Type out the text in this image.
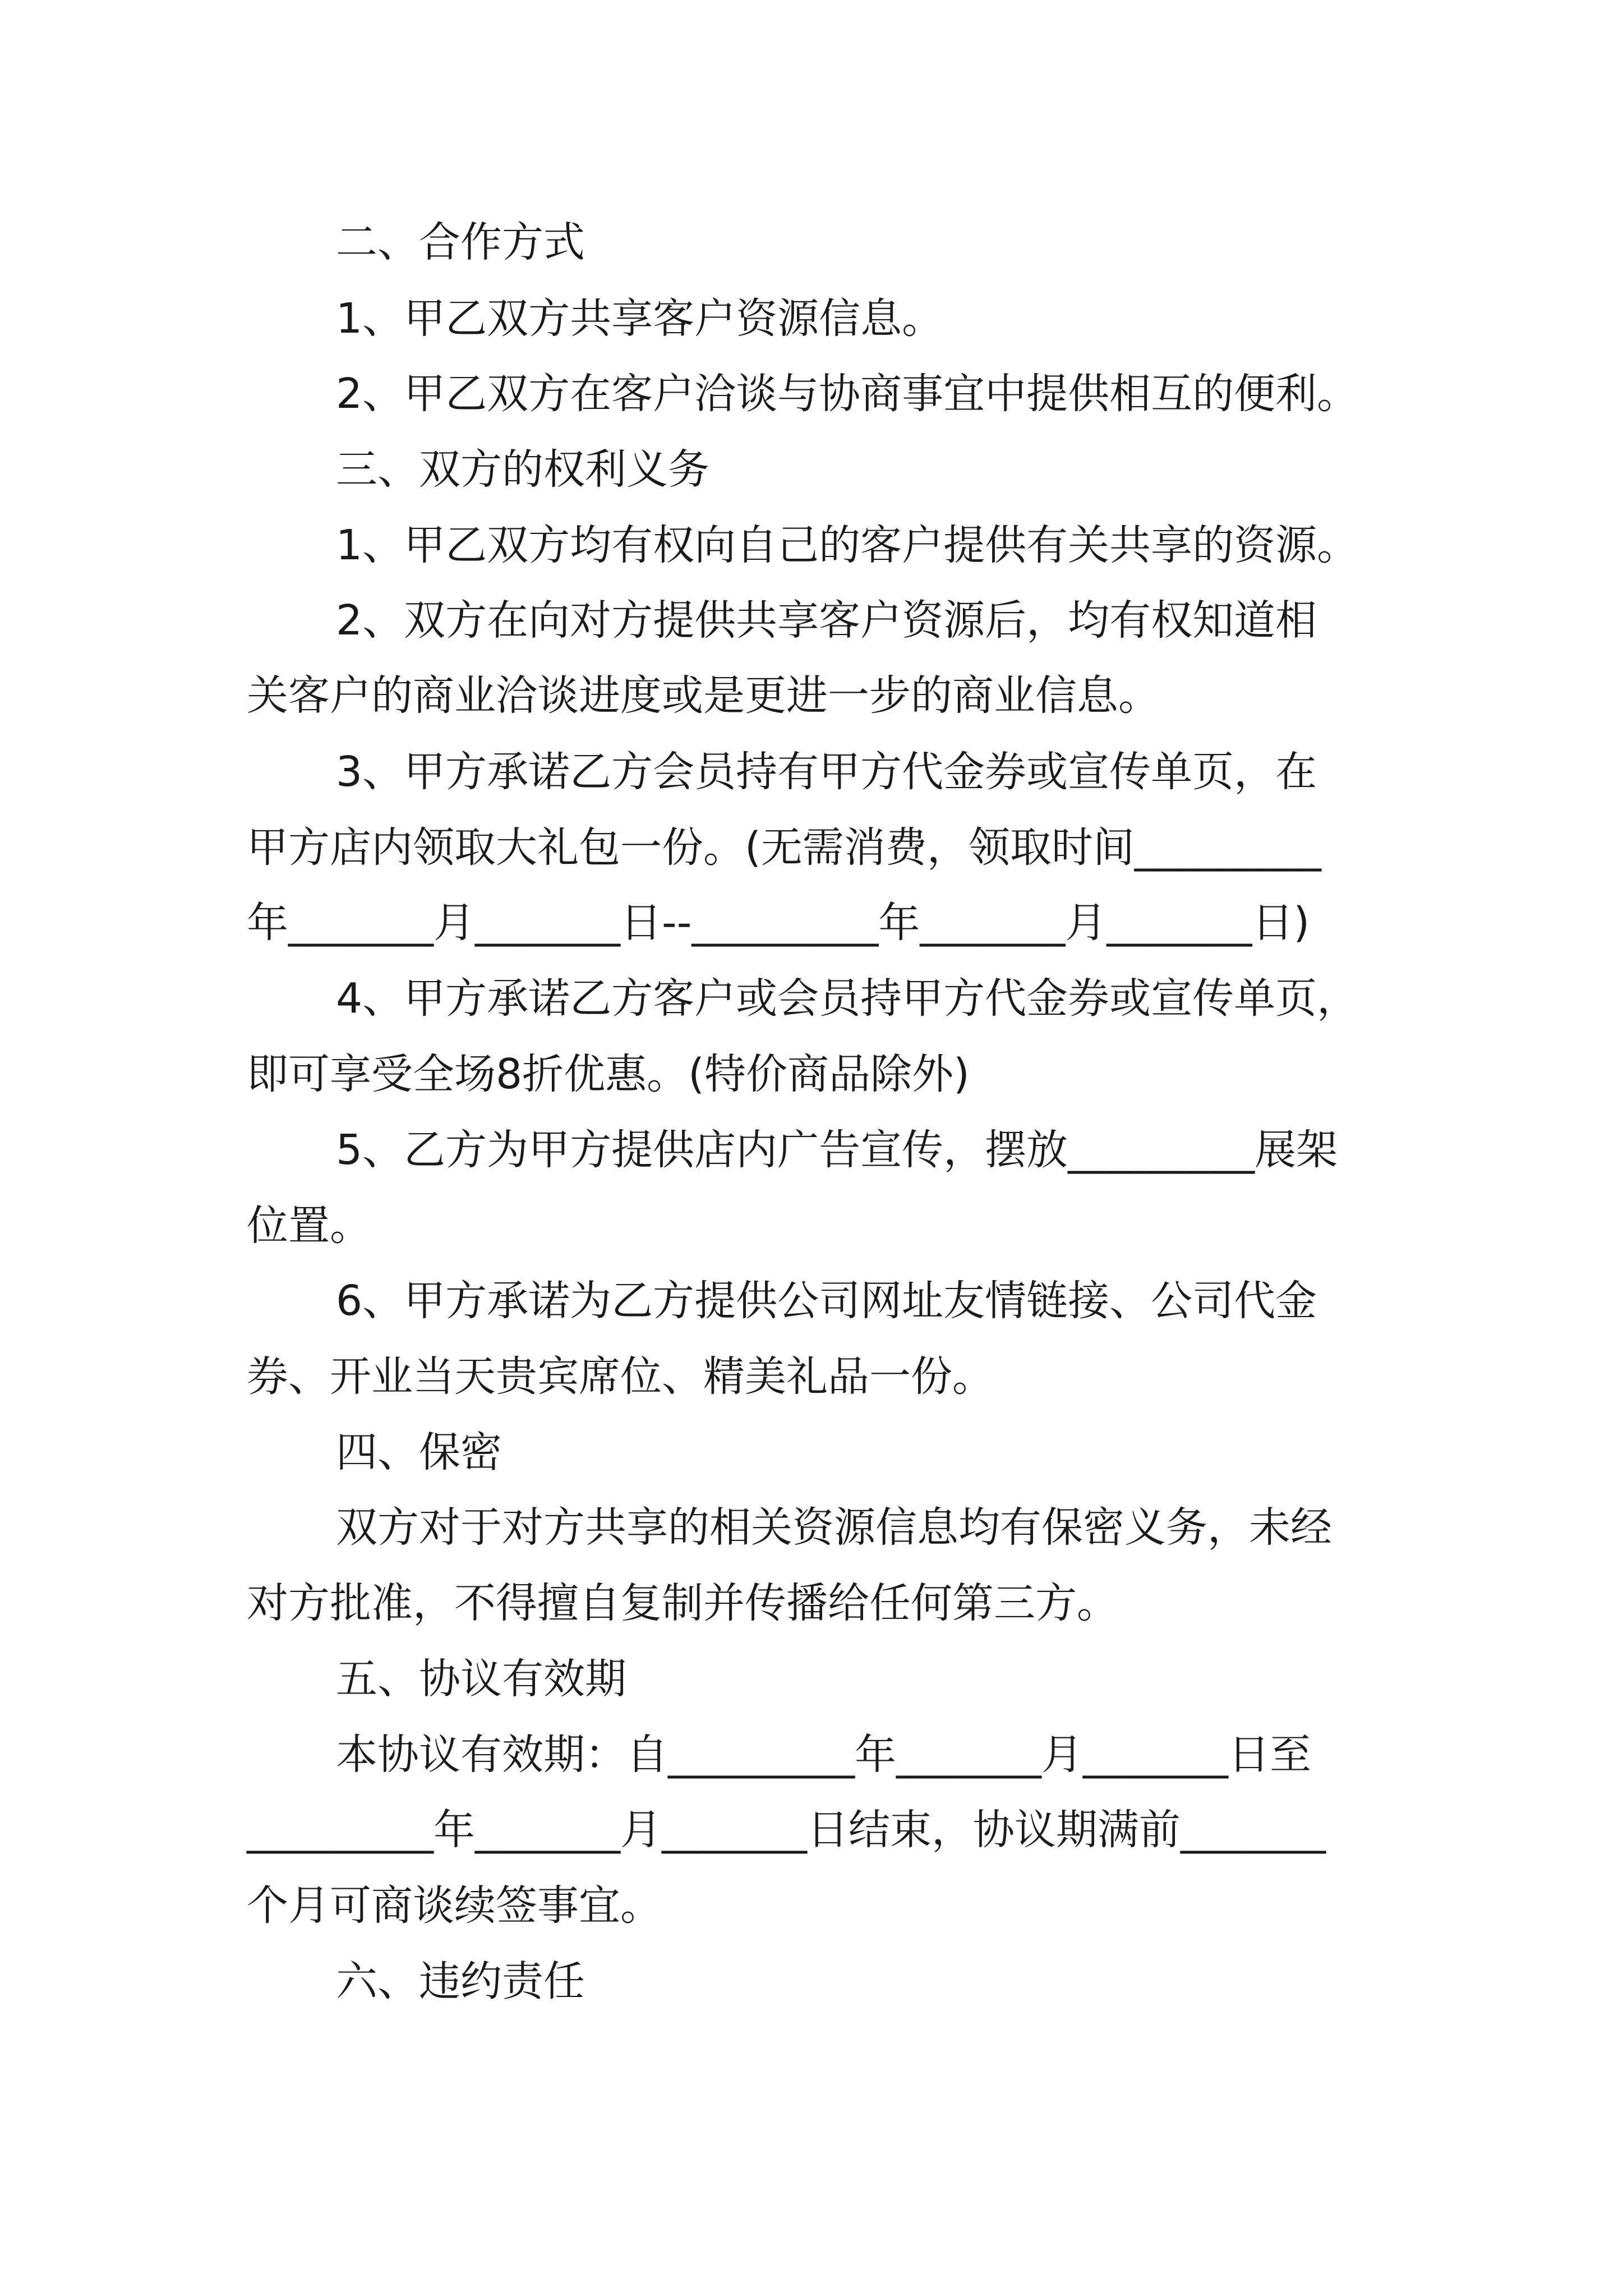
二、合作方式
1、甲乙双方共享客户资源信息。
2、甲乙双方在客户洽谈与协商事宜中提供相互的便利。
三、双方的权利义务
1、甲乙双方均有权向自己的客户提供有关共享的资源。
2、双方在向对方提供共享客户资源后，均有权知道相
关客户的商业洽谈进度或是更进一步的商业信息。
3、甲方承诺乙方会员持有甲方代金券或宣传单页，在
甲方店内领取大礼包一份。(无需消费，领取时间_________
年_______月_______日--_________年_______月_______日)
4、甲方承诺乙方客户或会员持甲方代金券或宣传单页，
即可享受全场8折优惠。(特价商品除外)
5、乙方为甲方提供店内广告宣传，摆放_________展架
位置。
6、甲方承诺为乙方提供公司网址友情链接、公司代金
券、开业当天贵宾席位、精美礼品一份。
四、保密
双方对于对方共享的相关资源信息均有保密义务，未经
对方批准，不得擅自复制并传播给任何第三方。
五、协议有效期
本协议有效期：自_________年_______月_______日至
_________年_______月_______日结束，协议期满前_______
个月可商谈续签事宜。
六、违约责任
